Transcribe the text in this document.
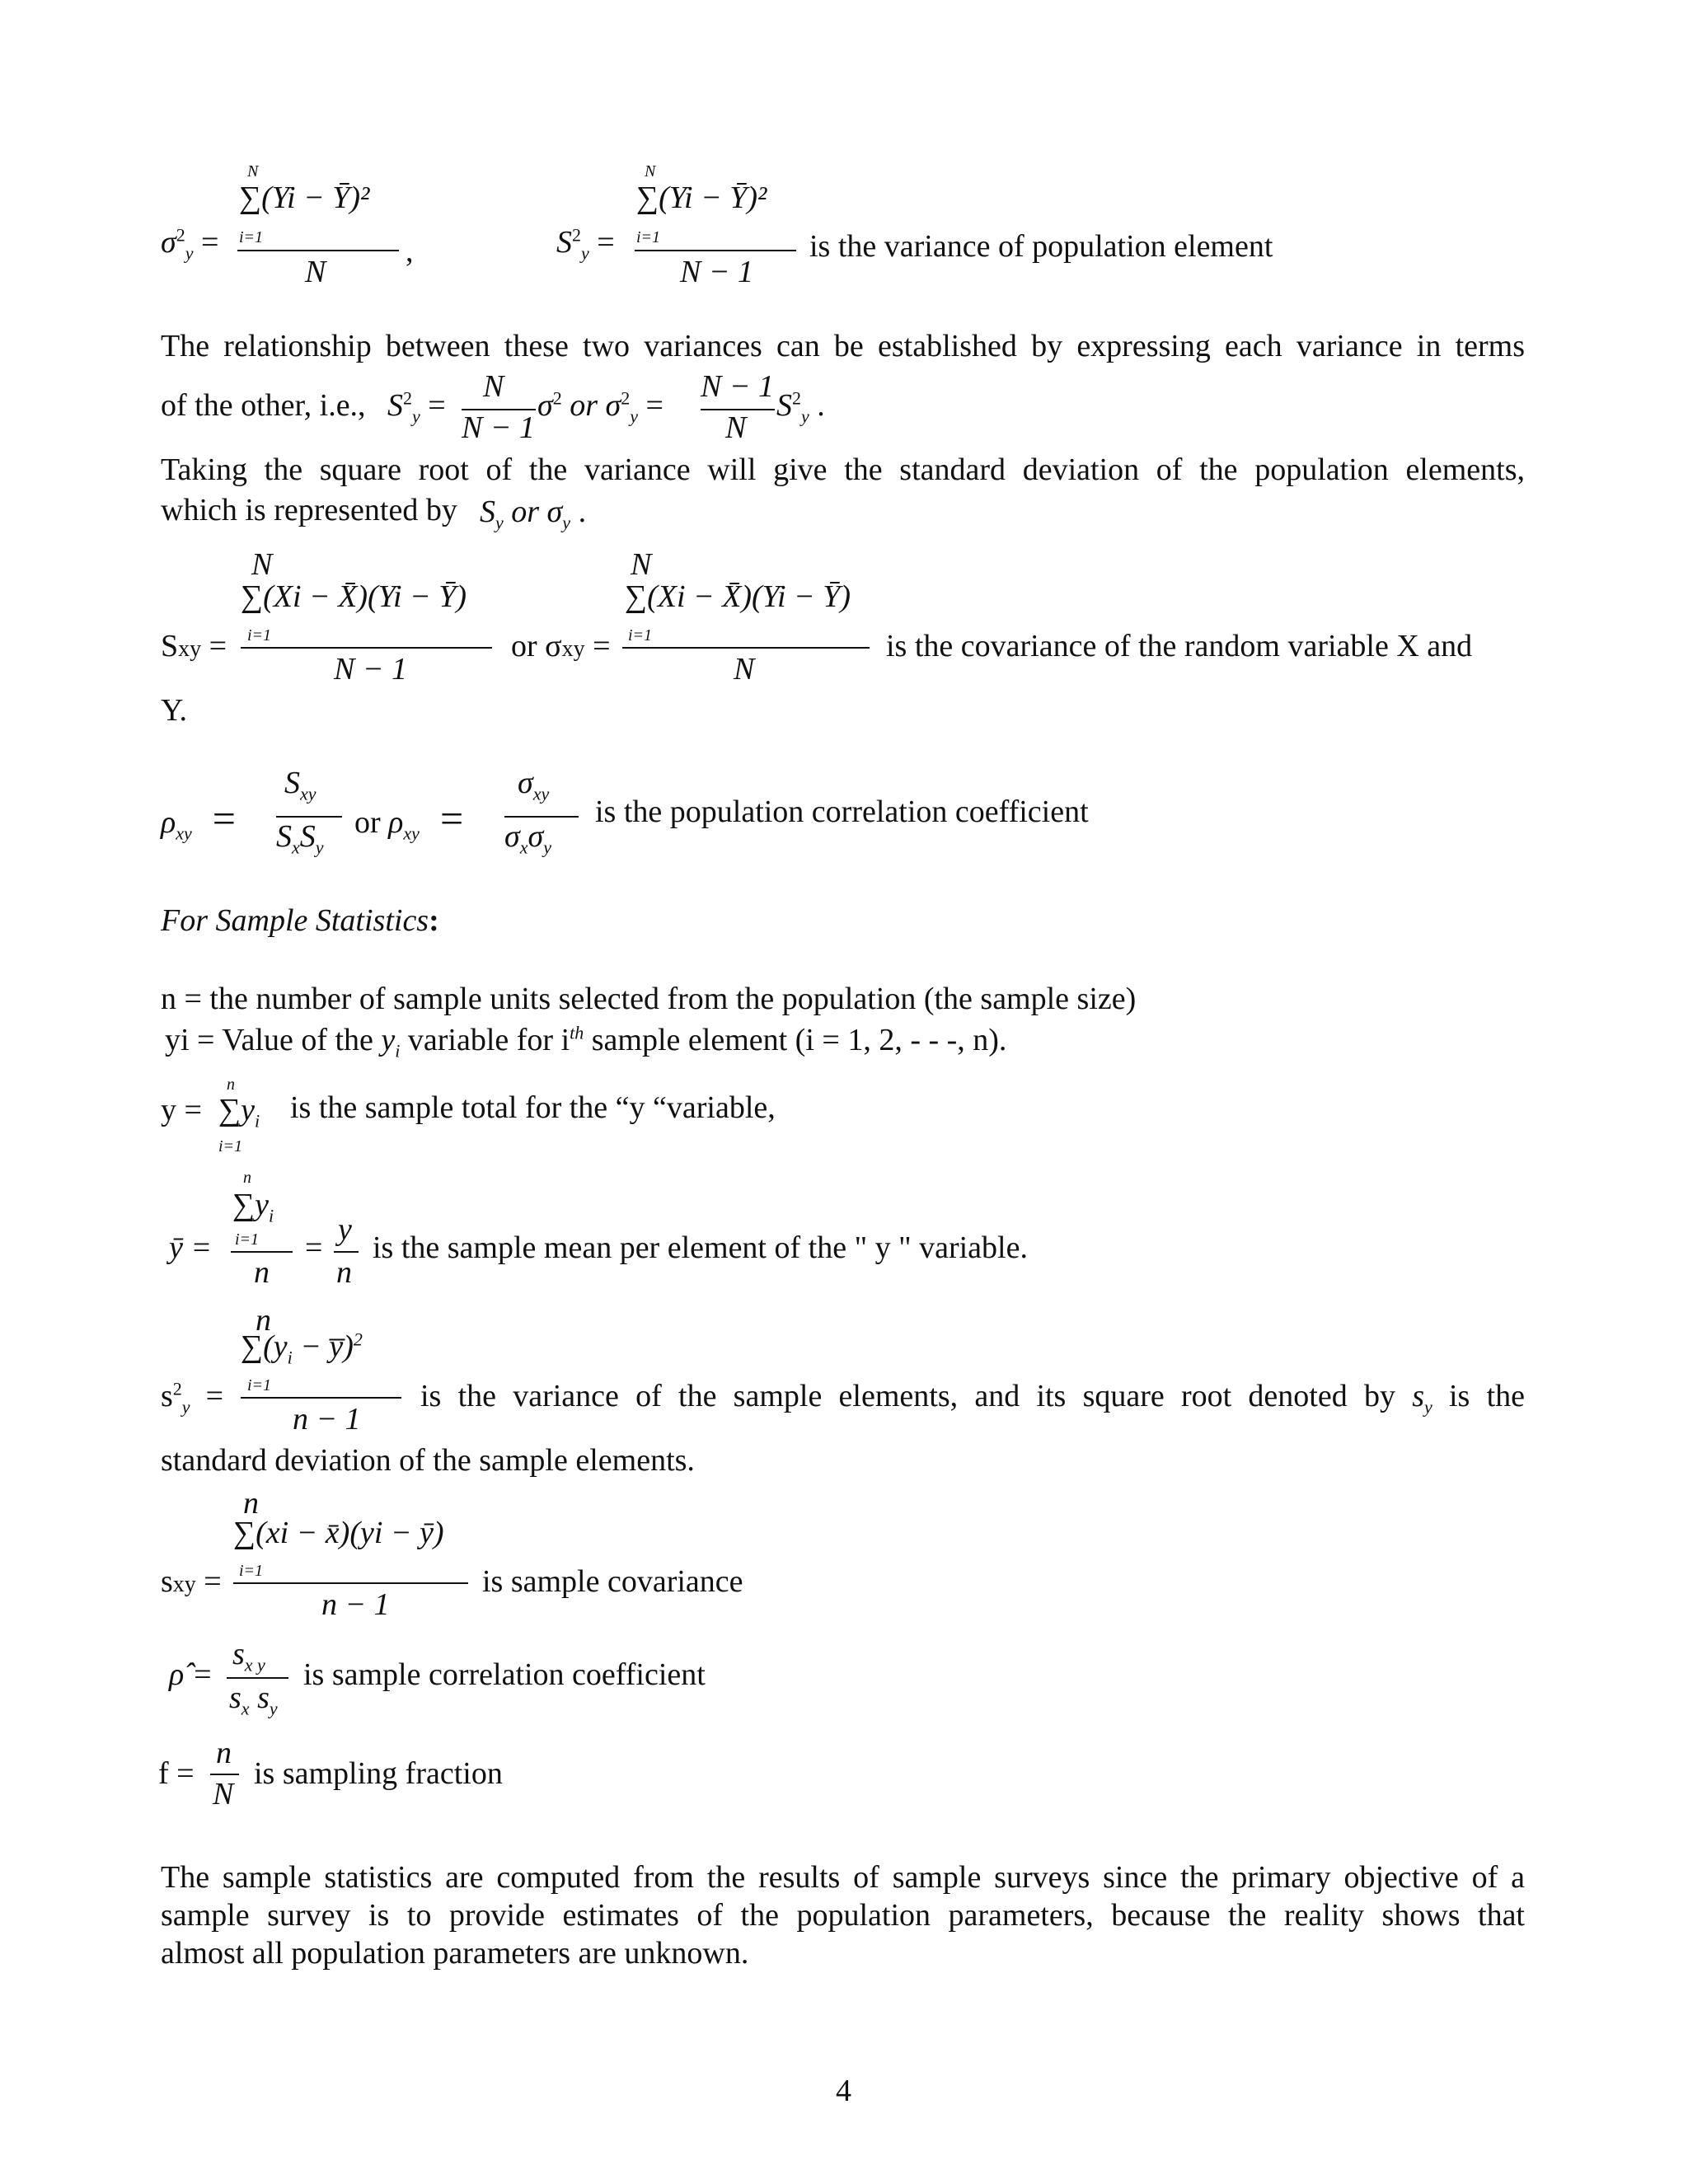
$\sigma^2_y$ =
N
∑(Yi − Ȳ)²
i=1
N
,	$S^2_y$ =
N
∑(Yi − Ȳ)²
i=1
N − 1
is the variance of population element
The relationship between these two variances can be established by expressing each variance in terms
of the other, i.e., $S^2_y$ =
N
N − 1
$\sigma^2$ or $\sigma^2_y$ =
N − 1
N
$S^2_y$ .
Taking the square root of the variance will give the standard deviation of the population elements,
which is represented by $S_y$ or $\sigma_y$ .
Sxy =
N
∑(Xi − X̄)(Yi − Ȳ)
i=1
N − 1
or σxy =
N
∑(Xi − X̄)(Yi − Ȳ)
i=1
N
is the covariance of the random variable X and
Y.
$\rho_{xy}$  =
$S_{xy}$
$S_xS_y$
or $\rho_{xy}$  =
$\sigma_{xy}$
$\sigma_x\sigma_y$
is the population correlation coefficient
For Sample Statistics:
n = the number of sample units selected from the population (the sample size)
yi = Value of the $y_i$ variable for $i^{th}$ sample element (i = 1, 2, - - -, n).
y =
n
$\sum y_i$
i=1
is the sample total for the “y “variable,
ȳ =
n
$\sum y_i$
i=1
n
=
y
n
is the sample mean per element of the " y " variable.
$s^2_y$  =
n
$\sum(y_i$ − y̅)$^2$
i=1
n − 1
is the variance of the sample elements, and its square root denoted by $s_y$ is the
standard deviation of the sample elements.
sxy =
n
∑(xi − x̄)(yi − ȳ)
i=1
n − 1
is sample covariance
ρ̂ =
$s_{x y}$
$s_x$ $s_y$
is sample correlation coefficient
f =
n
N
is sampling fraction
The sample statistics are computed from the results of sample surveys since the primary objective of a
sample survey is to provide estimates of the population parameters, because the reality shows that
almost all population parameters are unknown.
4
